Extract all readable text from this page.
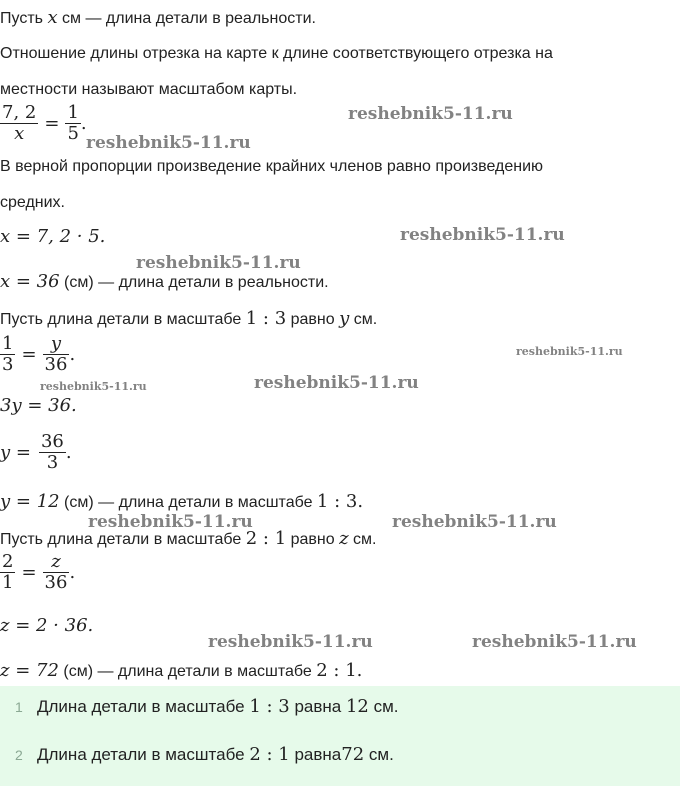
Пусть x см — длина детали в реальности.
Отношение длины отрезка на карте к длине соответствующего отрезка на
местности называют масштабом карты.
$\frac{7, 2}{x} = \frac{1}{5}$ .
В верной пропорции произведение крайних членов равно произведению
средних.
x = 7, 2 · 5.
x = 36 (см) — длина детали в реальности.
Пусть длина детали в масштабе 1 : 3 равно y см.
$\frac{1}{3} = \frac{y}{36}$ .
3y = 36.
$y = \frac{36}{3}$ .
y = 12 (см) — длина детали в масштабе 1 : 3.
Пусть длина детали в масштабе 2 : 1 равно z см.
$\frac{2}{1} = \frac{z}{36}$ .
z = 2 · 36.
z = 72 (см) — длина детали в масштабе 2 : 1.
reshebnik5-11.ru
reshebnik5-11.ru
reshebnik5-11.ru
reshebnik5-11.ru
reshebnik5-11.ru
reshebnik5-11.ru	reshebnik5-11.ru
reshebnik5-11.ru	reshebnik5-11.ru
reshebnik5-11.ru	reshebnik5-11.ru
1 Длина детали в масштабе 1 : 3 равна 12 см.
2 Длина детали в масштабе 2 : 1 равна72 см.
